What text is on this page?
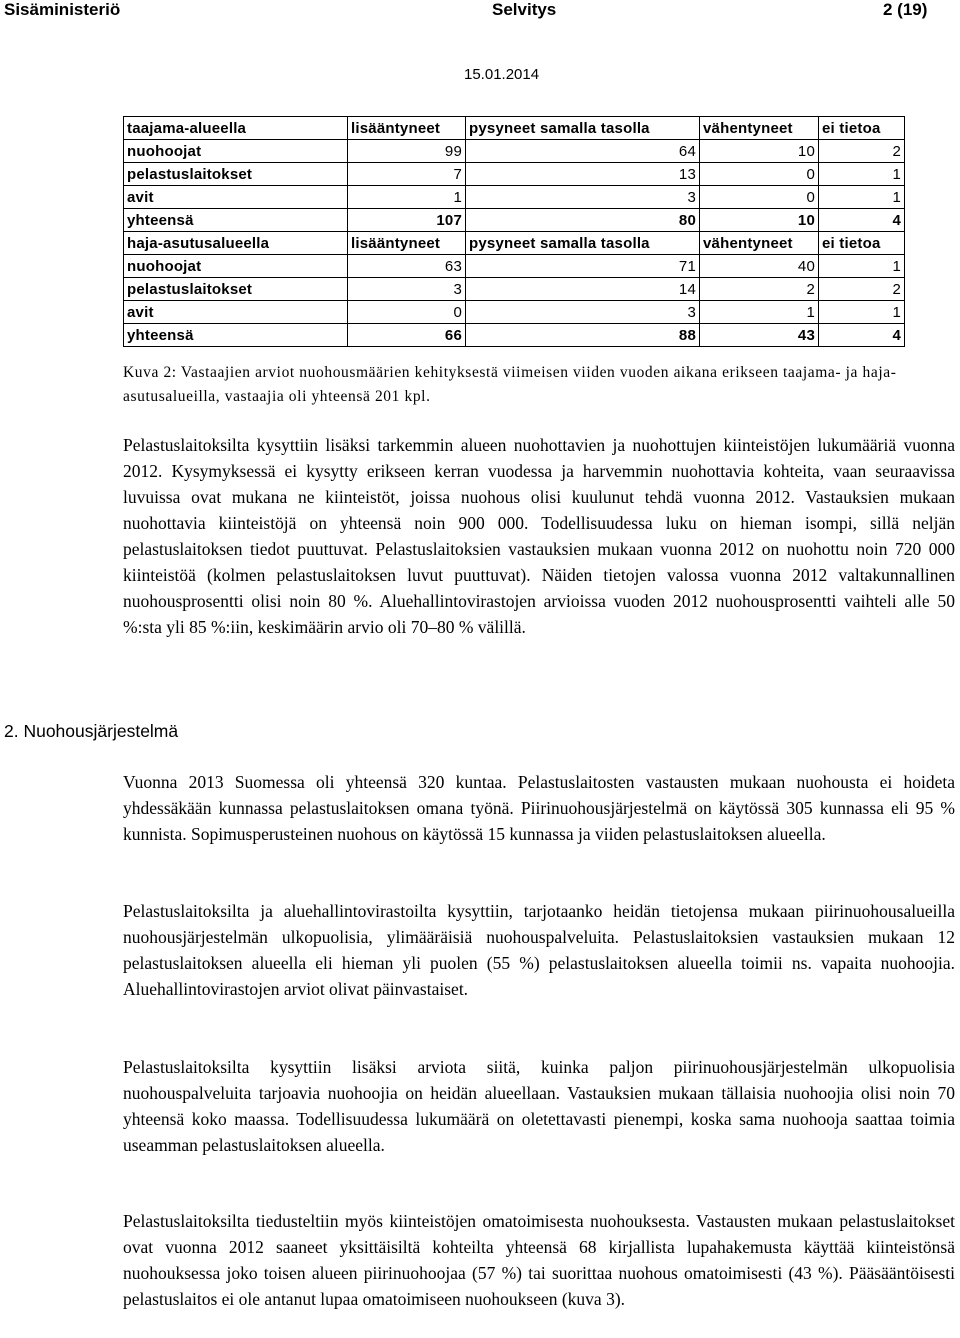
Sisäministeriö	Selvitys	2 (19)
15.01.2014
taajama-alueella	lisääntyneet	pysyneet samalla tasolla	vähentyneet	ei tietoa
nuohoojat	99	64	10	2
pelastuslaitokset	7	13	0	1
avit	1	3	0	1
yhteensä	107	80	10	4
haja-asutusalueella	lisääntyneet	pysyneet samalla tasolla	vähentyneet	ei tietoa
nuohoojat	63	71	40	1
pelastuslaitokset	3	14	2	2
avit	0	3	1	1
yhteensä	66	88	43	4
Kuva 2: Vastaajien arviot nuohousmäärien kehityksestä viimeisen viiden vuoden aikana erikseen taajama- ja haja-asutusalueilla, vastaajia oli yhteensä 201 kpl.
Pelastuslaitoksilta kysyttiin lisäksi tarkemmin alueen nuohottavien ja nuohottujen kiinteistöjen lukumääriä vuonna 2012. Kysymyksessä ei kysytty erikseen kerran vuodessa ja harvemmin nuohottavia kohteita, vaan seuraavissa luvuissa ovat mukana ne kiinteistöt, joissa nuohous olisi kuulunut tehdä vuonna 2012. Vastauksien mukaan nuohottavia kiinteistöjä on yhteensä noin 900 000. Todellisuudessa luku on hieman isompi, sillä neljän pelastuslaitoksen tiedot puuttuvat. Pelastuslaitoksien vastauksien mukaan vuonna 2012 on nuohottu noin 720 000 kiinteistöä (kolmen pelastuslaitoksen luvut puuttuvat). Näiden tietojen valossa vuonna 2012 valtakunnallinen nuohousprosentti olisi noin 80 %. Aluehallintovirastojen arvioissa vuoden 2012 nuohousprosentti vaihteli alle 50 %:sta yli 85 %:iin, keskimäärin arvio oli 70–80 % välillä.
2. Nuohousjärjestelmä
Vuonna 2013 Suomessa oli yhteensä 320 kuntaa. Pelastuslaitosten vastausten mukaan nuohousta ei hoideta yhdessäkään kunnassa pelastuslaitoksen omana työnä. Piirinuohousjärjestelmä on käytössä 305 kunnassa eli 95 % kunnista. Sopimusperusteinen nuohous on käytössä 15 kunnassa ja viiden pelastuslaitoksen alueella.
Pelastuslaitoksilta ja aluehallintovirastoilta kysyttiin, tarjotaanko heidän tietojensa mukaan piirinuohousalueilla nuohousjärjestelmän ulkopuolisia, ylimääräisiä nuohouspalveluita. Pelastuslaitoksien vastauksien mukaan 12 pelastuslaitoksen alueella eli hieman yli puolen (55 %) pelastuslaitoksen alueella toimii ns. vapaita nuohoojia. Aluehallintovirastojen arviot olivat päinvastaiset.
Pelastuslaitoksilta kysyttiin lisäksi arviota siitä, kuinka paljon piirinuohousjärjestelmän ulkopuolisia nuohouspalveluita tarjoavia nuohoojia on heidän alueellaan. Vastauksien mukaan tällaisia nuohoojia olisi noin 70 yhteensä koko maassa. Todellisuudessa lukumäärä on oletettavasti pienempi, koska sama nuohooja saattaa toimia useamman pelastuslaitoksen alueella.
Pelastuslaitoksilta tiedusteltiin myös kiinteistöjen omatoimisesta nuohouksesta. Vastausten mukaan pelastuslaitokset ovat vuonna 2012 saaneet yksittäisiltä kohteilta yhteensä 68 kirjallista lupahakemusta käyttää kiinteistönsä nuohouksessa joko toisen alueen piirinuohoojaa (57 %) tai suorittaa nuohous omatoimisesti (43 %). Pääsääntöisesti pelastuslaitos ei ole antanut lupaa omatoimiseen nuohoukseen (kuva 3).
